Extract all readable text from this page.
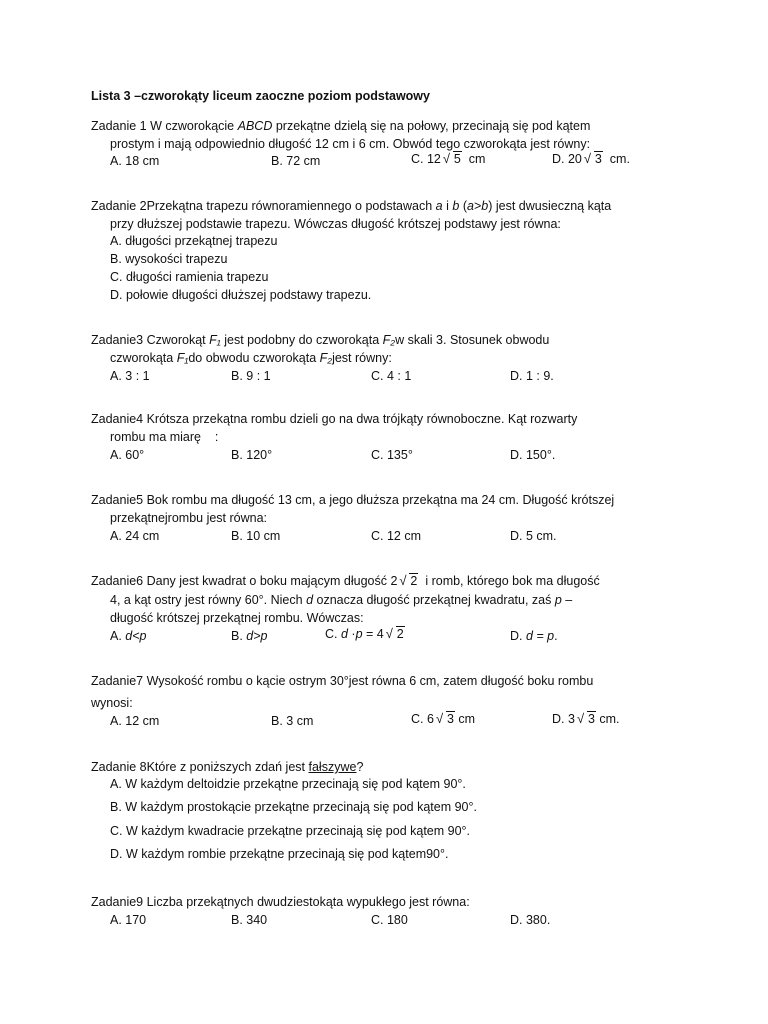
Lista 3 –czworokąty liceum zaoczne poziom podstawowy
Zadanie 1 W czworokącie ABCD przekątne dzielą się na połowy, przecinają się pod kątem
prostym i mają odpowiednio długość 12 cm i 6 cm. Obwód tego czworokąta jest równy:
A. 18 cm	B. 72 cm	C. 12 √ 5 cm	D. 20 √ 3 cm.
Zadanie 2Przekątna trapezu równoramiennego o podstawach a i b (a>b) jest dwusieczną kąta
przy dłuższej podstawie trapezu. Wówczas długość krótszej podstawy jest równa:
A. długości przekątnej trapezu
B. wysokości trapezu
C. długości ramienia trapezu
D. połowie długości dłuższej podstawy trapezu.
Zadanie3 Czworokąt F₁ jest podobny do czworokąta F₂w skali 3. Stosunek obwodu
czworokąta F₁do obwodu czworokąta F₂jest równy:
A. 3 : 1	B. 9 : 1	C. 4 : 1	D. 1 : 9.
Zadanie4 Krótsza przekątna rombu dzieli go na dwa trójkąty równoboczne. Kąt rozwarty
rombu ma miarę :
A. 60°	B. 120°	C. 135°	D. 150°.
Zadanie5 Bok rombu ma długość 13 cm, a jego dłuższa przekątna ma 24 cm. Długość krótszej
przekątnejrombu jest równa:
A. 24 cm	B. 10 cm	C. 12 cm	D. 5 cm.
Zadanie6 Dany jest kwadrat o boku mającym długość 2 √ 2 i romb, którego bok ma długość
4, a kąt ostry jest równy 60°. Niech d oznacza długość przekątnej kwadratu, zaś p –
długość krótszej przekątnej rombu. Wówczas:
A. d<p	B. d>p	C. d ·p = 4 √ 2	D. d = p.
Zadanie7 Wysokość rombu o kącie ostrym 30°jest równa 6 cm, zatem długość boku rombu
wynosi:
A. 12 cm	B. 3 cm	C. 6 √ 3 cm	D. 3 √ 3 cm.
Zadanie 8Które z poniższych zdań jest fałszywe?
A. W każdym deltoidzie przekątne przecinają się pod kątem 90°.
B. W każdym prostokącie przekątne przecinają się pod kątem 90°.
C. W każdym kwadracie przekątne przecinają się pod kątem 90°.
D. W każdym rombie przekątne przecinają się pod kątem90°.
Zadanie9 Liczba przekątnych dwudziestokąta wypukłego jest równa:
A. 170	B. 340	C. 180	D. 380.
